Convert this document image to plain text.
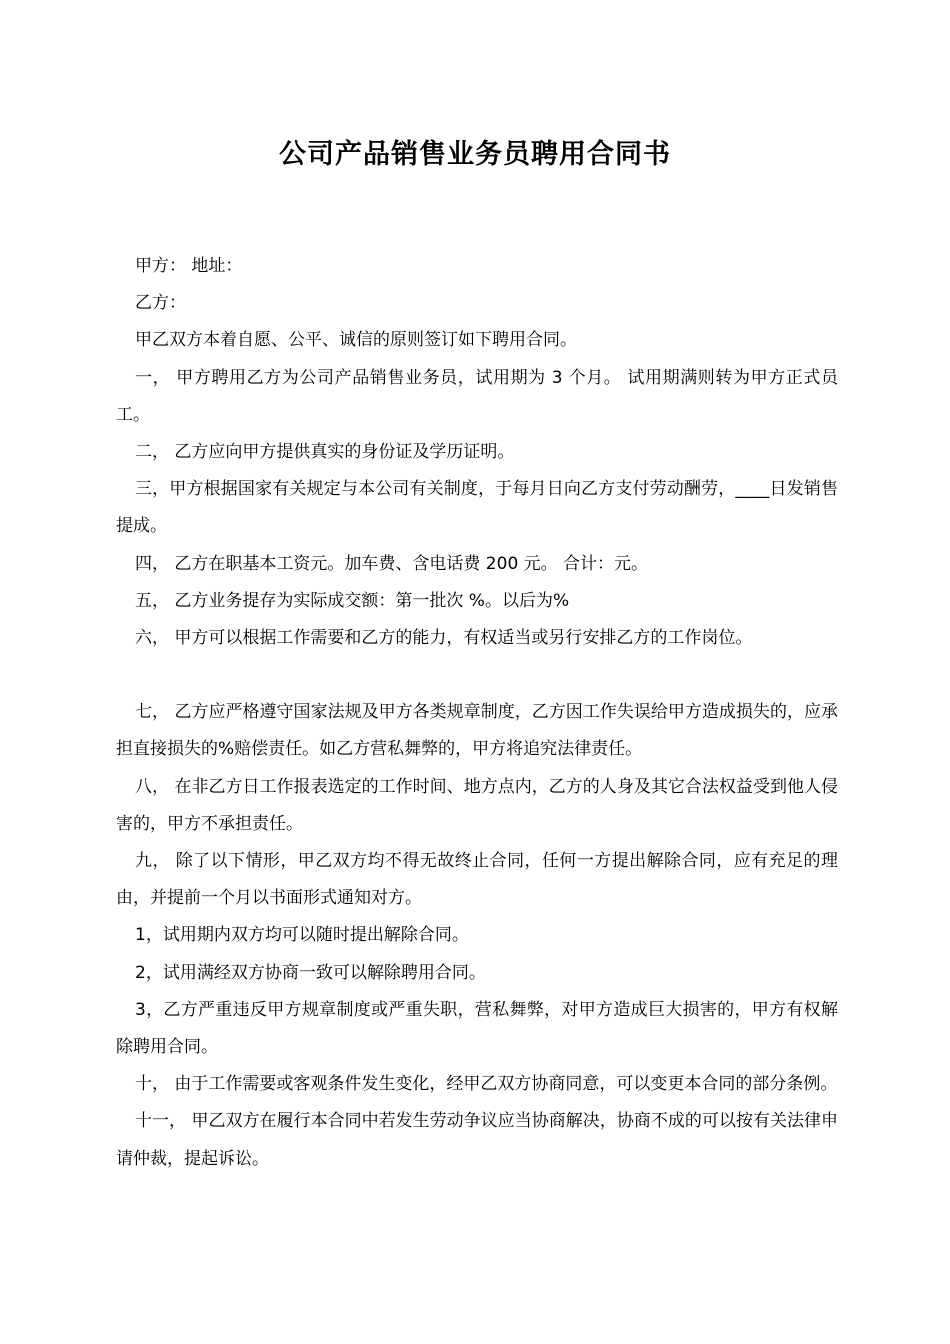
公司产品销售业务员聘用合同书

甲方： 地址：

乙方：

甲乙双方本着自愿、公平、诚信的原则签订如下聘用合同。

一， 甲方聘用乙方为公司产品销售业务员，试用期为 3 个月。 试用期满则转为甲方正式员工。

二， 乙方应向甲方提供真实的身份证及学历证明。

三，甲方根据国家有关规定与本公司有关制度，于每月日向乙方支付劳动酬劳，____日发销售提成。

四， 乙方在职基本工资元。加车费、含电话费 200 元。 合计：元。

五， 乙方业务提存为实际成交额：第一批次 %。以后为%

六， 甲方可以根据工作需要和乙方的能力，有权适当或另行安排乙方的工作岗位。

七， 乙方应严格遵守国家法规及甲方各类规章制度，乙方因工作失误给甲方造成损失的，应承担直接损失的%赔偿责任。如乙方营私舞弊的，甲方将追究法律责任。

八， 在非乙方日工作报表选定的工作时间、地方点内，乙方的人身及其它合法权益受到他人侵害的，甲方不承担责任。

九， 除了以下情形，甲乙双方均不得无故终止合同，任何一方提出解除合同，应有充足的理由，并提前一个月以书面形式通知对方。

1，试用期内双方均可以随时提出解除合同。

2，试用满经双方协商一致可以解除聘用合同。

3，乙方严重违反甲方规章制度或严重失职，营私舞弊，对甲方造成巨大损害的，甲方有权解除聘用合同。

十， 由于工作需要或客观条件发生变化，经甲乙双方协商同意，可以变更本合同的部分条例。

十一， 甲乙双方在履行本合同中若发生劳动争议应当协商解决，协商不成的可以按有关法律申请仲裁，提起诉讼。
